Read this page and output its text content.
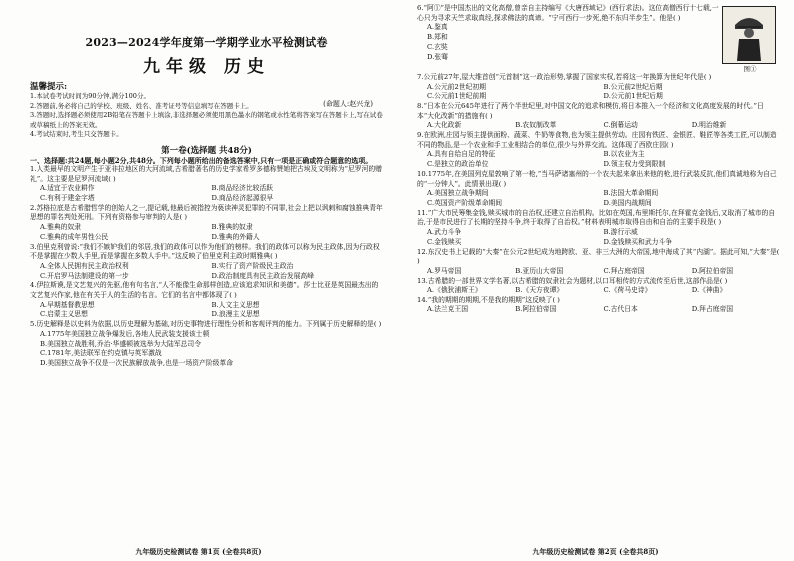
2023—2024学年度第一学期学业水平检测试卷
九年级 历史
温馨提示:
(命题人:赵兴龙)
1.本试卷考试时间为90分钟,满分100分。
2.答题前,务必将自己的学校、班级、姓名、准考证号等信息填写在答题卡上。
3.答题时,选择题必须使用2B铅笔在答题卡上填涂,非选择题必须使用黑色墨水的钢笔或水性笔将答案写在答题卡上,写在试卷或草稿纸上的答案无效。
4.考试结束时,考生只交答题卡。
第一卷(选择题 共48分)
一、选择题:共24题,每小题2分,共48分。下列每小题所给出的备选答案中,只有一项是正确或符合题意的选项。
1.人类最早的文明产生于亚非拉地区的大河流域,古希腊著名的历史学家希罗多德称赞她把古埃及文明称为“尼罗河的赠礼”。这主要是尼罗河流域( )
A.适宜于农业耕作	B.商品经济比较活跃
C.有利于建金字塔	D.商品经济起源很早
2.苏格拉底是古希腊哲学的创始人之一,提记载,他最后被指控为亵读神灵犯罪的不同罪,社会上把以讽刺和腐蚀推典青年思想的罪名判处死刑。下列有资格参与审判的人是( )
A.雅典的奴隶	B.雅典的奴隶
C.雅典的成年男性公民	D.雅典的外籍人
3.伯里克利曾说:“我们不嫉妒我们的邻居,我们的政体可以作为他们的榜样。我们的政体可以称为民主政体,因为行政权不是掌握在少数人手里,而是掌握在多数人手中。”这反映了伯里克利主政时期雅典( )
A.全体人民拥有民主政治权利	B.实行了资产阶级民主政治
C.开启罗马法制建设的第一步	D.政治制度具有民主政治发展高峰
4.伊拉斯谟,是文艺复兴的先驱,他有句名言,“人不能像生命那样创造,应该追求知识和美德”。莎士比亚是英国最杰出的文艺复兴作家,他在有关于人的生活的名言。它们的名言中都体现了( )
A.早期基督教思想	B.人文主义思想
C.启蒙主义思想	D.浪漫主义思想
5.历史解释是以史料为依据,以历史理解为基础,对历史事物进行理性分析和客观评判的能力。下列属于历史解释的是( )
A.1775年美国独立战争爆发后,各地人民武装支援该士顿
B.美国独立战胜利,乔治·华盛顿被选举为大陆军总司令
C.1781年,美法联军在约克镇与英军激战
D.美国独立战争不仅是一次民族解放战争,也是一场资产阶级革命
九年级历史检测试卷 第1页 (全卷共8页)
6.“阿①”是中国杰出的文化高僧,曾亲自主持编写《大唐西域记》(西行求法)。这位高僧西行十七载,一心只为寻求天竺求取真经,探求佛法的真谛。“宁可西行一步死,绝不东归半步生”。他是( )
A.鉴真
B.郑和
C.玄奘
D.张骞
图①
7.公元前27年,屋大维首创“元首制”这一政治形势,掌握了国家实权,若将这一年换算为世纪年代是( )
A.公元前2世纪初期	B.公元前2世纪后期
C.公元前1世纪前期	D.公元前1世纪后期
8.“日本在公元645年进行了两个半世纪里,对中国文化的追求和模仿,将日本推入一个经济和文化高度发展的时代。”日本“大化改新”的措施有( )
A.大化政新	B.农奴制改革	C.倒幕运动	D.明治维新
9.在欧洲,庄园与领主提供面粉、蔬菜、牛奶等食物,也为领主提供劳动。庄园有铁匠、金银匠、鞋匠等各类工匠,可以制造不同的物品,是一个农业和手工业相结合的单位,很少与外界交流。这体现了西欧庄园( )
A.具有自给自足的特征	B.以农业为主
C.是独立的政治单位	D.领主权力受到限制
10.1775年,在美国列克星敦响了第一枪,“当马萨诸塞州的一个农夫起来拿出来他的枪,进行武装反抗,他们真诚地称为自己的“一分钟人”。此情景出现( )
A.美国独立战争期间	B.法国大革命期间
C.英国资产阶级革命期间	D.美国内战期间
11.“广大市民筹集金钱,赎买城市的自治权,还建立自治机构。比如在英国,布里斯托尔,在拜霍克金钱后,又取消了城市的自治,于是市民进行了长期的坚持斗争,终于取得了自治权。”材料表明城市取得自由和自治的主要手段是( )
A.武力斗争	B.游行示威
C.金钱赎买	D.金钱赎买和武力斗争
12.东汉史书上记载的“大秦”在公元2世纪成为地跨欧、亚、非三大洲的大帝国,地中海成了其“内湖”。据此可知,“大秦”是( )
A.罗马帝国	B.亚历山大帝国	C.拜占庭帝国	D.阿拉伯帝国
13.古希腊的一部世界文学名著,以古希腊的奴隶社会为题材,以口耳相传的方式流传至后世,这部作品是( )
A.《俄狄浦斯王》	B.《天方夜谭》	C.《荷马史诗》	D.《神曲》
14.“我的期期的期期,不是我的期期”这反映了( )
A.法兰克王国	B.阿拉伯帝国	C.古代日本	D.拜占庭帝国
九年级历史检测试卷 第2页 (全卷共8页)
